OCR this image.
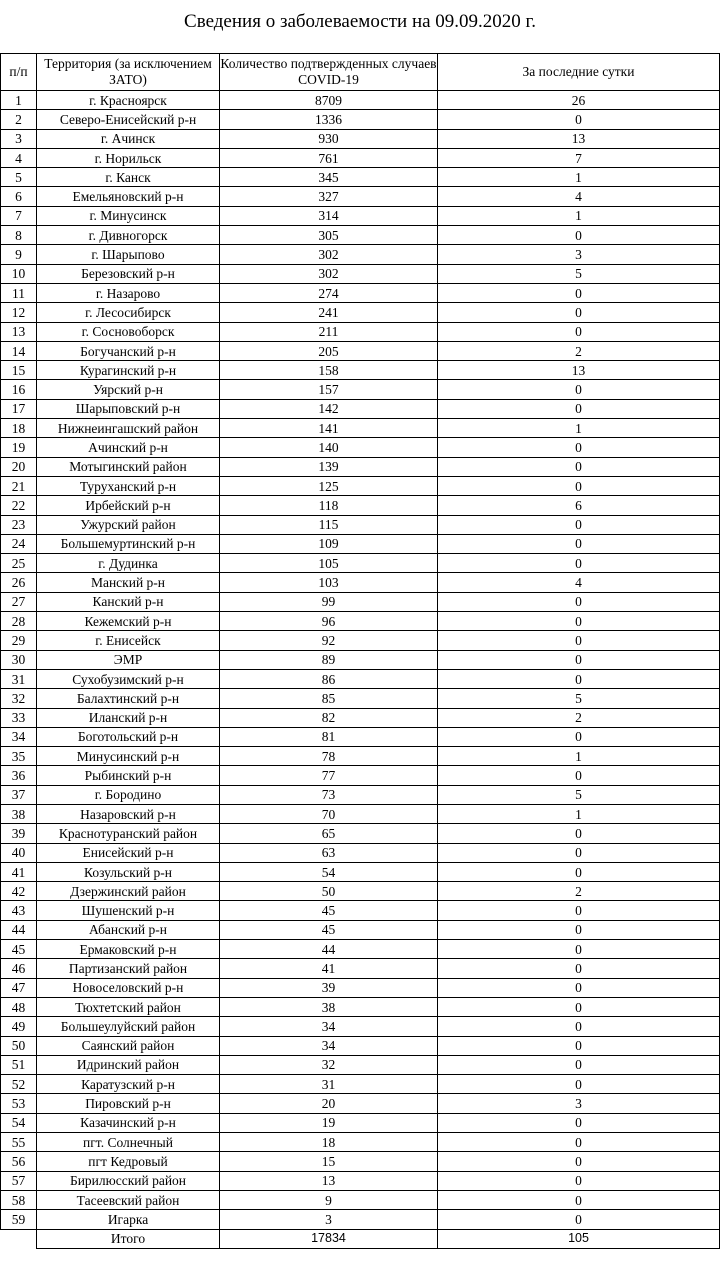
Сведения о заболеваемости на 09.09.2020 г.
п/п	Территория (за исключением ЗАТО)	Количество подтвержденных случаев COVID-19	За последние сутки
1	г. Красноярск	8709	26
2	Северо-Енисейский р-н	1336	0
3	г. Ачинск	930	13
4	г. Норильск	761	7
5	г. Канск	345	1
6	Емельяновский р-н	327	4
7	г. Минусинск	314	1
8	г. Дивногорск	305	0
9	г. Шарыпово	302	3
10	Березовский р-н	302	5
11	г. Назарово	274	0
12	г. Лесосибирск	241	0
13	г. Сосновоборск	211	0
14	Богучанский р-н	205	2
15	Курагинский р-н	158	13
16	Уярский р-н	157	0
17	Шарыповский р-н	142	0
18	Нижнеингашский район	141	1
19	Ачинский р-н	140	0
20	Мотыгинский район	139	0
21	Туруханский р-н	125	0
22	Ирбейский р-н	118	6
23	Ужурский район	115	0
24	Большемуртинский р-н	109	0
25	г. Дудинка	105	0
26	Манский р-н	103	4
27	Канский р-н	99	0
28	Кежемский р-н	96	0
29	г. Енисейск	92	0
30	ЭМР	89	0
31	Сухобузимский р-н	86	0
32	Балахтинский р-н	85	5
33	Иланский р-н	82	2
34	Боготольский р-н	81	0
35	Минусинский р-н	78	1
36	Рыбинский р-н	77	0
37	г. Бородино	73	5
38	Назаровский р-н	70	1
39	Краснотуранский район	65	0
40	Енисейский р-н	63	0
41	Козульский р-н	54	0
42	Дзержинский район	50	2
43	Шушенский р-н	45	0
44	Абанский р-н	45	0
45	Ермаковский р-н	44	0
46	Партизанский район	41	0
47	Новоселовский р-н	39	0
48	Тюхтетский район	38	0
49	Большеулуйский район	34	0
50	Саянский район	34	0
51	Идринский район	32	0
52	Каратузский р-н	31	0
53	Пировский р-н	20	3
54	Казачинский р-н	19	0
55	пгт. Солнечный	18	0
56	пгт Кедровый	15	0
57	Бирилюсский район	13	0
58	Тасеевский район	9	0
59	Игарка	3	0
	Итого	17834	105
